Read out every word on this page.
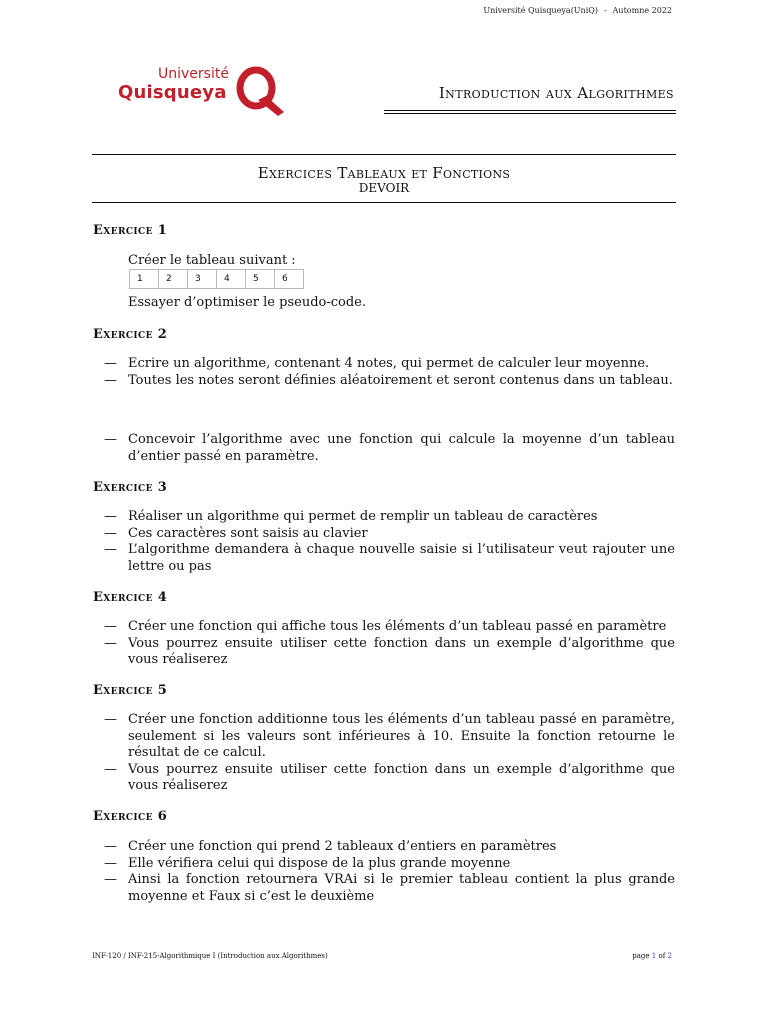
Université Quisqueya(UniQ) - Automne 2022
Université
Quisqueya	Introduction aux Algorithmes
Exercices Tableaux et Fonctions
DEVOIR
Exercice 1
Créer le tableau suivant :
1	2	3	4	5	6
Essayer d’optimiser le pseudo-code.
Exercice 2
— Ecrire un algorithme, contenant 4 notes, qui permet de calculer leur moyenne.
— Toutes les notes seront définies aléatoirement et seront contenus dans un tableau.
— Concevoir l’algorithme avec une fonction qui calcule la moyenne d’un tableau d’entier passé en paramètre.
Exercice 3
— Réaliser un algorithme qui permet de remplir un tableau de caractères
— Ces caractères sont saisis au clavier
— L’algorithme demandera à chaque nouvelle saisie si l’utilisateur veut rajouter une lettre ou pas
Exercice 4
— Créer une fonction qui affiche tous les éléments d’un tableau passé en paramètre
— Vous pourrez ensuite utiliser cette fonction dans un exemple d’algorithme que vous réaliserez
Exercice 5
— Créer une fonction additionne tous les éléments d’un tableau passé en paramètre, seulement si les valeurs sont inférieures à 10. Ensuite la fonction retourne le résultat de ce calcul.
— Vous pourrez ensuite utiliser cette fonction dans un exemple d’algorithme que vous réaliserez
Exercice 6
— Créer une fonction qui prend 2 tableaux d’entiers en paramètres
— Elle vérifiera celui qui dispose de la plus grande moyenne
— Ainsi la fonction retournera VRAi si le premier tableau contient la plus grande moyenne et Faux si c’est le deuxième
INF-120 / INF-215-Algorithmique I (Introduction aux Algorithmes)	page 1 of 2
